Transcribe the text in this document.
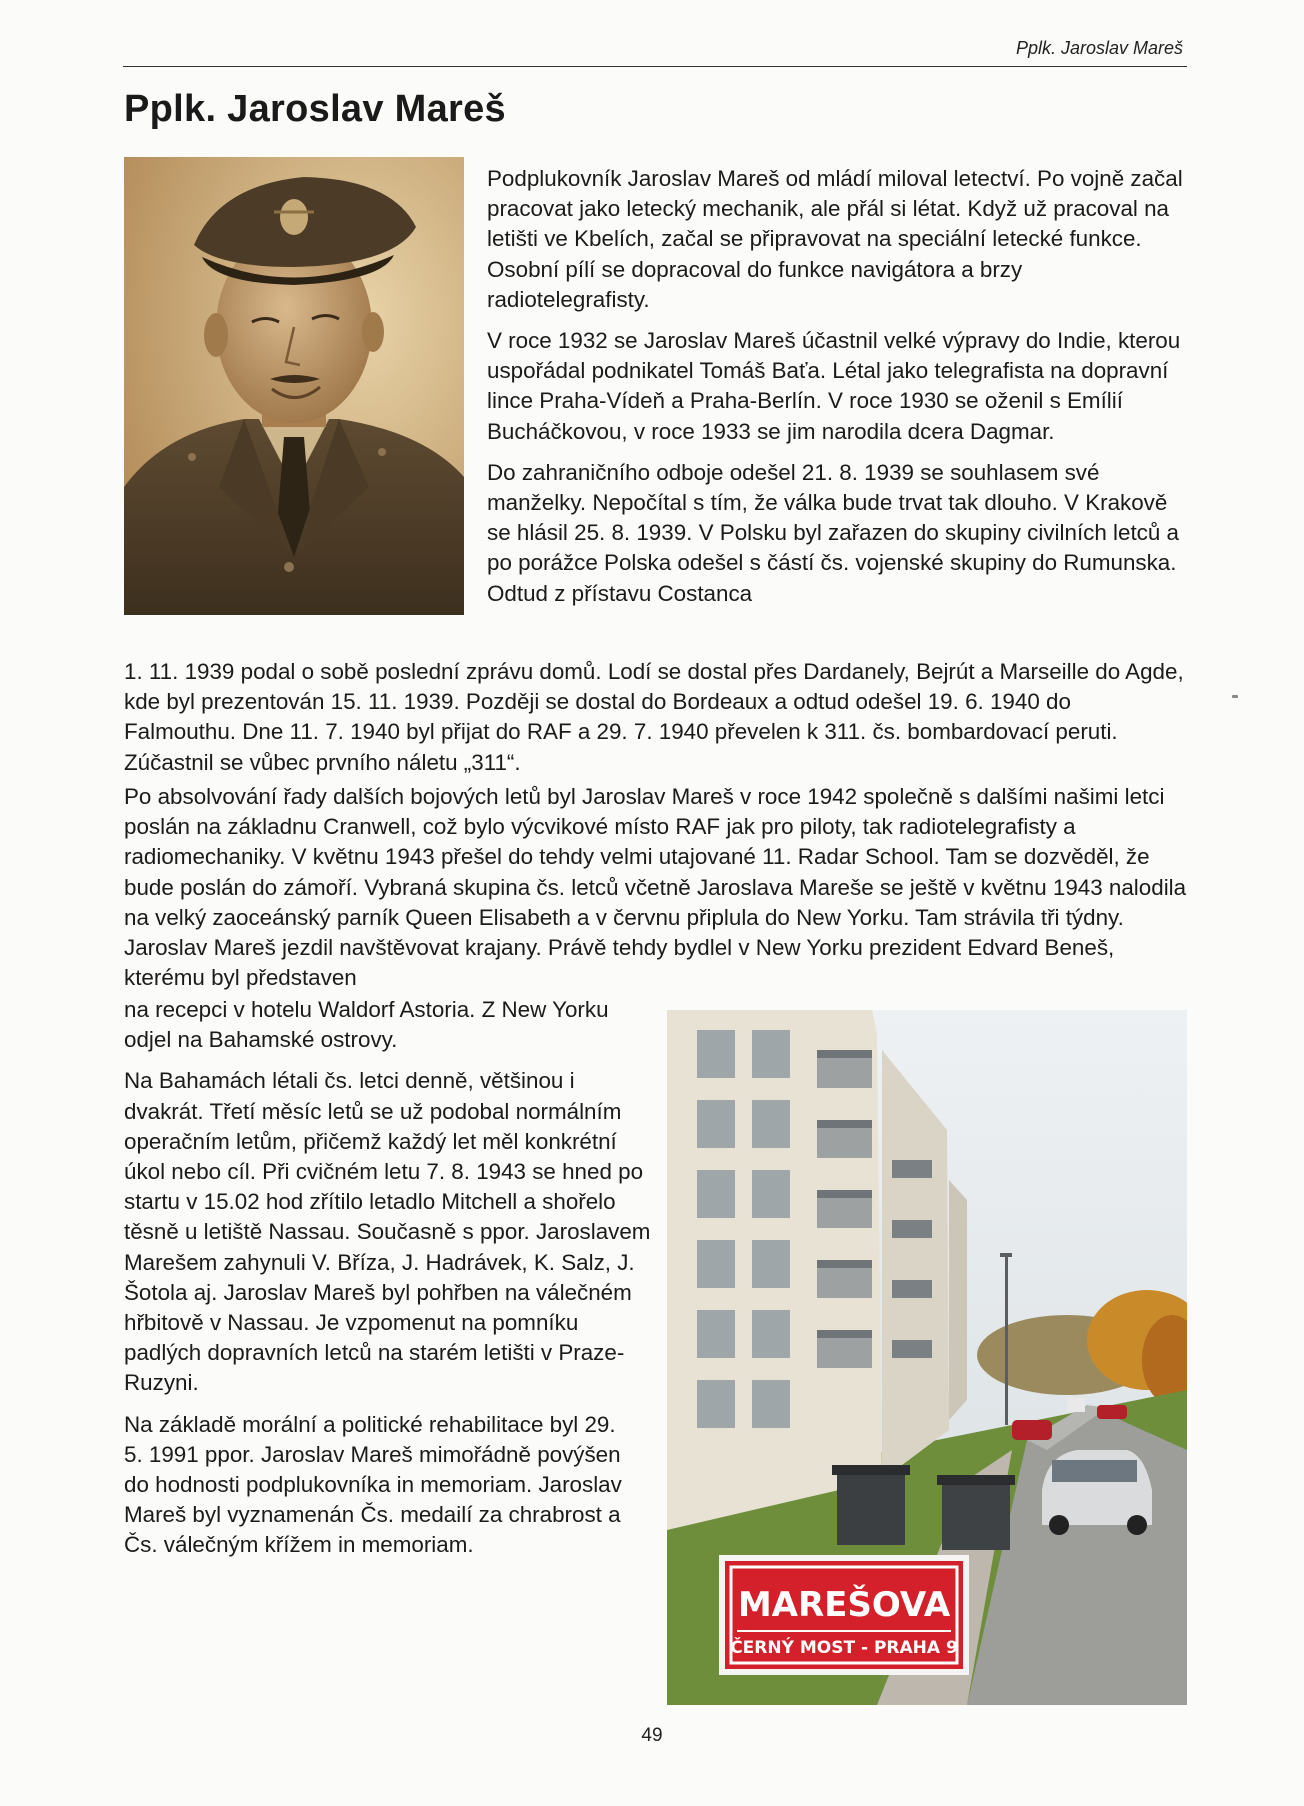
Pplk. Jaroslav Mareš
Pplk. Jaroslav Mareš

Podplukovník Jaroslav Mareš od mládí miloval letectví. Po vojně začal pracovat jako letecký mechanik, ale přál si létat. Když už pracoval na letišti ve Kbelích, začal se připravovat na speciální letecké funkce. Osobní pílí se dopracoval do funkce navigátora a brzy radiotelegrafisty.

V roce 1932 se Jaroslav Mareš účastnil velké výpravy do Indie, kterou uspořádal podnikatel Tomáš Baťa. Létal jako telegrafista na dopravní lince Praha-Vídeň a Praha-Berlín. V roce 1930 se oženil s Emílií Bucháčkovou, v roce 1933 se jim narodila dcera Dagmar.

Do zahraničního odboje odešel 21. 8. 1939 se souhlasem své manželky. Nepočítal s tím, že válka bude trvat tak dlouho. V Krakově se hlásil 25. 8. 1939. V Polsku byl zařazen do skupiny civilních letců a po porážce Polska odešel s částí čs. vojenské skupiny do Rumunska. Odtud z přístavu Costanca

1. 11. 1939 podal o sobě poslední zprávu domů. Lodí se dostal přes Dardanely, Bejrút a Marseille do Agde, kde byl prezentován 15. 11. 1939. Později se dostal do Bordeaux a odtud odešel 19. 6. 1940 do Falmouthu. Dne 11. 7. 1940 byl přijat do RAF a 29. 7. 1940 převelen k 311. čs. bombardovací peruti. Zúčastnil se vůbec prvního náletu „311“.

Po absolvování řady dalších bojových letů byl Jaroslav Mareš v roce 1942 společně s dalšími našimi letci poslán na základnu Cranwell, což bylo výcvikové místo RAF jak pro piloty, tak radiotelegrafisty a radiomechaniky. V květnu 1943 přešel do tehdy velmi utajované 11. Radar School. Tam se dozvěděl, že bude poslán do zámoří. Vybraná skupina čs. letců včetně Jaroslava Mareše se ještě v květnu 1943 nalodila na velký zaoceánský parník Queen Elisabeth a v červnu připlula do New Yorku. Tam strávila tři týdny. Jaroslav Mareš jezdil navštěvovat krajany. Právě tehdy bydlel v New Yorku prezident Edvard Beneš, kterému byl představen

na recepci v hotelu Waldorf Astoria. Z New Yorku odjel na Bahamské ostrovy.

Na Bahamách létali čs. letci denně, většinou i dvakrát. Třetí měsíc letů se už podobal normálním operačním letům, přičemž každý let měl konkrétní úkol nebo cíl. Při cvičném letu 7. 8. 1943 se hned po startu v 15.02 hod zřítilo letadlo Mitchell a shořelo těsně u letiště Nassau. Současně s ppor. Jaroslavem Marešem zahynuli V. Bříza, J. Hadrávek, K. Salz, J. Šotola aj. Jaroslav Mareš byl pohřben na válečném hřbitově v Nassau. Je vzpomenut na pomníku padlých dopravních letců na starém letišti v Praze-Ruzyni.

Na základě morální a politické rehabilitace byl 29. 5. 1991 ppor. Jaroslav Mareš mimořádně povýšen do hodnosti podplukovníka in memoriam. Jaroslav Mareš byl vyznamenán Čs. medailí za chrabrost a Čs. válečným křížem in memoriam.

MAREŠOVA
ČERNÝ MOST - PRAHA 9
49
